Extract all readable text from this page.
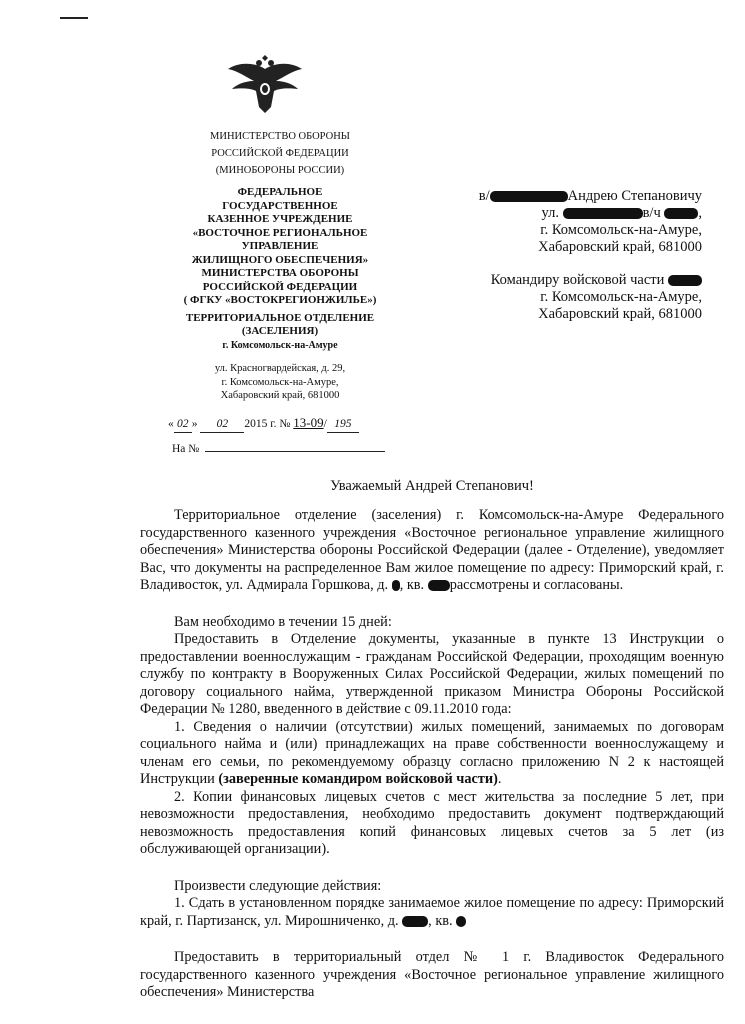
МИНИСТЕРСТВО ОБОРОНЫ
РОССИЙСКОЙ ФЕДЕРАЦИИ
(МИНОБОРОНЫ РОССИИ)
ФЕДЕРАЛЬНОЕ
ГОСУДАРСТВЕННОЕ
КАЗЕННОЕ УЧРЕЖДЕНИЕ
«ВОСТОЧНОЕ РЕГИОНАЛЬНОЕ
УПРАВЛЕНИЕ
ЖИЛИЩНОГО ОБЕСПЕЧЕНИЯ»
МИНИСТЕРСТВА ОБОРОНЫ
РОССИЙСКОЙ ФЕДЕРАЦИИ
( ФГКУ «ВОСТОКРЕГИОНЖИЛЬЕ»)
ТЕРРИТОРИАЛЬНОЕ ОТДЕЛЕНИЕ
(ЗАСЕЛЕНИЯ)
г. Комсомольск-на-Амуре
ул. Красногвардейская, д. 29,
г. Комсомольск-на-Амуре,
Хабаровский край, 681000
« 02 » 02 2015 г. № 13-09/ 195
На №
в/	Андрею Степановичу
ул.	в/ч	,
г. Комсомольск-на-Амуре,
Хабаровский край, 681000
Командиру войсковой части
г. Комсомольск-на-Амуре,
Хабаровский край, 681000
Уважаемый Андрей Степанович!

Территориальное отделение (заселения) г. Комсомольск-на-Амуре Федерального государственного казенного учреждения «Восточное региональное управление жилищного обеспечения» Министерства обороны Российской Федерации (далее - Отделение), уведомляет Вас, что документы на распределенное Вам жилое помещение по адресу: Приморский край, г. Владивосток, ул. Адмирала Горшкова, д. , кв. рассмотрены и согласованы.

Вам необходимо в течении 15 дней:

Предоставить в Отделение документы, указанные в пункте 13 Инструкции о предоставлении военнослужащим - гражданам Российской Федерации, проходящим военную службу по контракту в Вооруженных Силах Российской Федерации, жилых помещений по договору социального найма, утвержденной приказом Министра Обороны Российской Федерации № 1280, введенного в действие с 09.11.2010 года:

1. Сведения о наличии (отсутствии) жилых помещений, занимаемых по договорам социального найма и (или) принадлежащих на праве собственности военнослужащему и членам его семьи, по рекомендуемому образцу согласно приложению N 2 к настоящей Инструкции (заверенные командиром войсковой части).

2. Копии финансовых лицевых счетов с мест жительства за последние 5 лет, при невозможности предоставления, необходимо предоставить документ подтверждающий невозможность предоставления копий финансовых лицевых счетов за 5 лет (из обслуживающей организации).

Произвести следующие действия:

1. Сдать в установленном порядке занимаемое жилое помещение по адресу: Приморский край, г. Партизанск, ул. Мирошниченко, д. , кв.

Предоставить в территориальный отдел № 1 г. Владивосток Федерального государственного казенного учреждения «Восточное региональное управление жилищного обеспечения» Министерства
